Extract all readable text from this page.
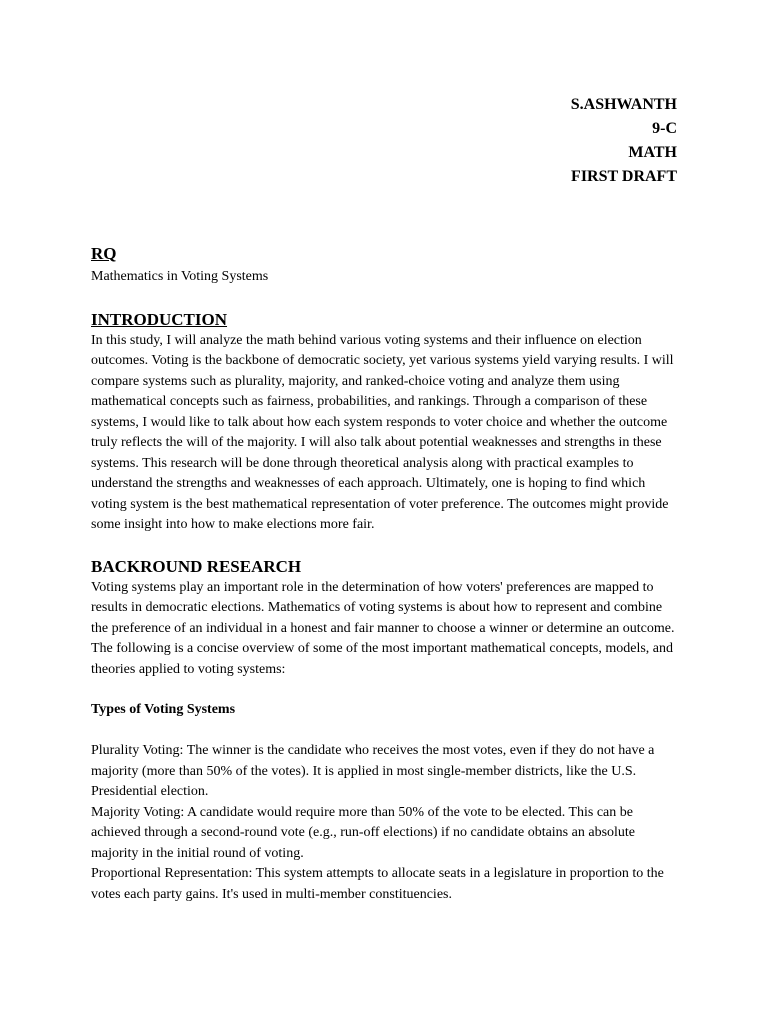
S.ASHWANTH
9-C
MATH
FIRST DRAFT
RQ

Mathematics in Voting Systems

INTRODUCTION

In this study, I will analyze the math behind various voting systems and their influence on election outcomes. Voting is the backbone of democratic society, yet various systems yield varying results. I will compare systems such as plurality, majority, and ranked-choice voting and analyze them using mathematical concepts such as fairness, probabilities, and rankings. Through a comparison of these systems, I would like to talk about how each system responds to voter choice and whether the outcome truly reflects the will of the majority. I will also talk about potential weaknesses and strengths in these systems. This research will be done through theoretical analysis along with practical examples to understand the strengths and weaknesses of each approach. Ultimately, one is hoping to find which voting system is the best mathematical representation of voter preference. The outcomes might provide some insight into how to make elections more fair.

BACKROUND RESEARCH

Voting systems play an important role in the determination of how voters' preferences are mapped to results in democratic elections. Mathematics of voting systems is about how to represent and combine the preference of an individual in a honest and fair manner to choose a winner or determine an outcome. The following is a concise overview of some of the most important mathematical concepts, models, and theories applied to voting systems:

Types of Voting Systems

Plurality Voting: The winner is the candidate who receives the most votes, even if they do not have a majority (more than 50% of the votes). It is applied in most single-member districts, like the U.S. Presidential election.

Majority Voting: A candidate would require more than 50% of the vote to be elected. This can be achieved through a second-round vote (e.g., run-off elections) if no candidate obtains an absolute majority in the initial round of voting.

Proportional Representation: This system attempts to allocate seats in a legislature in proportion to the votes each party gains. It's used in multi-member constituencies.
